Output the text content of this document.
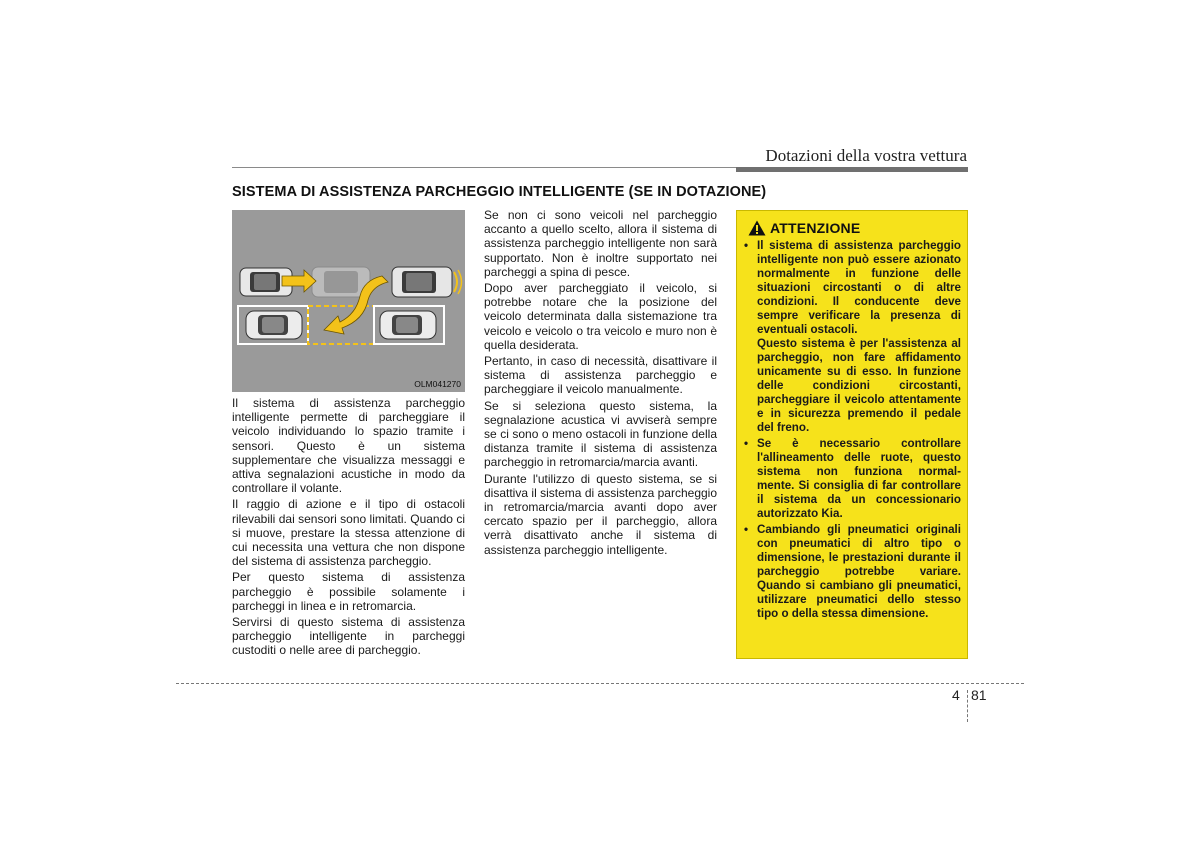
Dotazioni della vostra vettura
SISTEMA DI ASSISTENZA PARCHEGGIO INTELLIGENTE (SE IN DOTAZIONE)
OLM041270

Il sistema di assistenza parcheggio intelligente permette di parcheggiare il veicolo individuando lo spazio tramite i sensori. Questo è un sistema supplementare che visualizza messaggi e attiva segnalazioni acustiche in modo da controllare il volante.

Il raggio di azione e il tipo di ostacoli rilevabili dai sensori sono limitati. Quando ci si muove, prestare la stessa attenzione di cui necessita una vettura che non dispone del sistema di assistenza parcheggio.

Per questo sistema di assistenza parcheggio è possibile solamente i parcheggi in linea e in retromarcia.

Servirsi di questo sistema di assistenza parcheggio intelligente in parcheggi custoditi o nelle aree di parcheggio.

Se non ci sono veicoli nel parcheggio accanto a quello scelto, allora il sistema di assistenza parcheggio intelligente non sarà supportato. Non è inoltre supportato nei parcheggi a spina di pesce.

Dopo aver parcheggiato il veicolo, si potrebbe notare che la posizione del veicolo determinata dalla sistemazione tra veicolo e veicolo o tra veicolo e muro non è quella desiderata.

Pertanto, in caso di necessità, disattivare il sistema di assistenza parcheggio e parcheggiare il veicolo manualmente.

Se si seleziona questo sistema, la segnalazione acustica vi avviserà sempre se ci sono o meno ostacoli in funzione della distanza tramite il sistema di assistenza parcheggio in retromarcia/marcia avanti.

Durante l'utilizzo di questo sistema, se si disattiva il sistema di assistenza parcheggio in retromarcia/marcia avanti dopo aver cercato spazio per il parcheggio, allora verrà disattivato anche il sistema di assistenza parcheggio intelligente.

ATTENZIONE
• Il sistema di assistenza parcheggio intelligente non può essere azionato normalmente in funzione delle situazioni circostanti o di altre condizioni. Il conducente deve sempre verificare la presenza di eventuali ostacoli.

Questo sistema è per l'assistenza al parcheggio, non fare affidamento unicamente su di esso. In funzione delle condizioni circostanti, parcheggiare il veicolo attentamente e in sicurezza premendo il pedale del freno.

• Se è necessario controllare l'allineamento delle ruote, questo sistema non funziona normal- mente. Si consiglia di far controllare il sistema da un concessionario autorizzato Kia.

• Cambiando gli pneumatici originali con pneumatici di altro tipo o dimensione, le prestazioni durante il parcheggio potrebbe variare. Quando si cambiano gli pneumatici, utilizzare pneumatici dello stesso tipo o della stessa dimensione.

4 81
